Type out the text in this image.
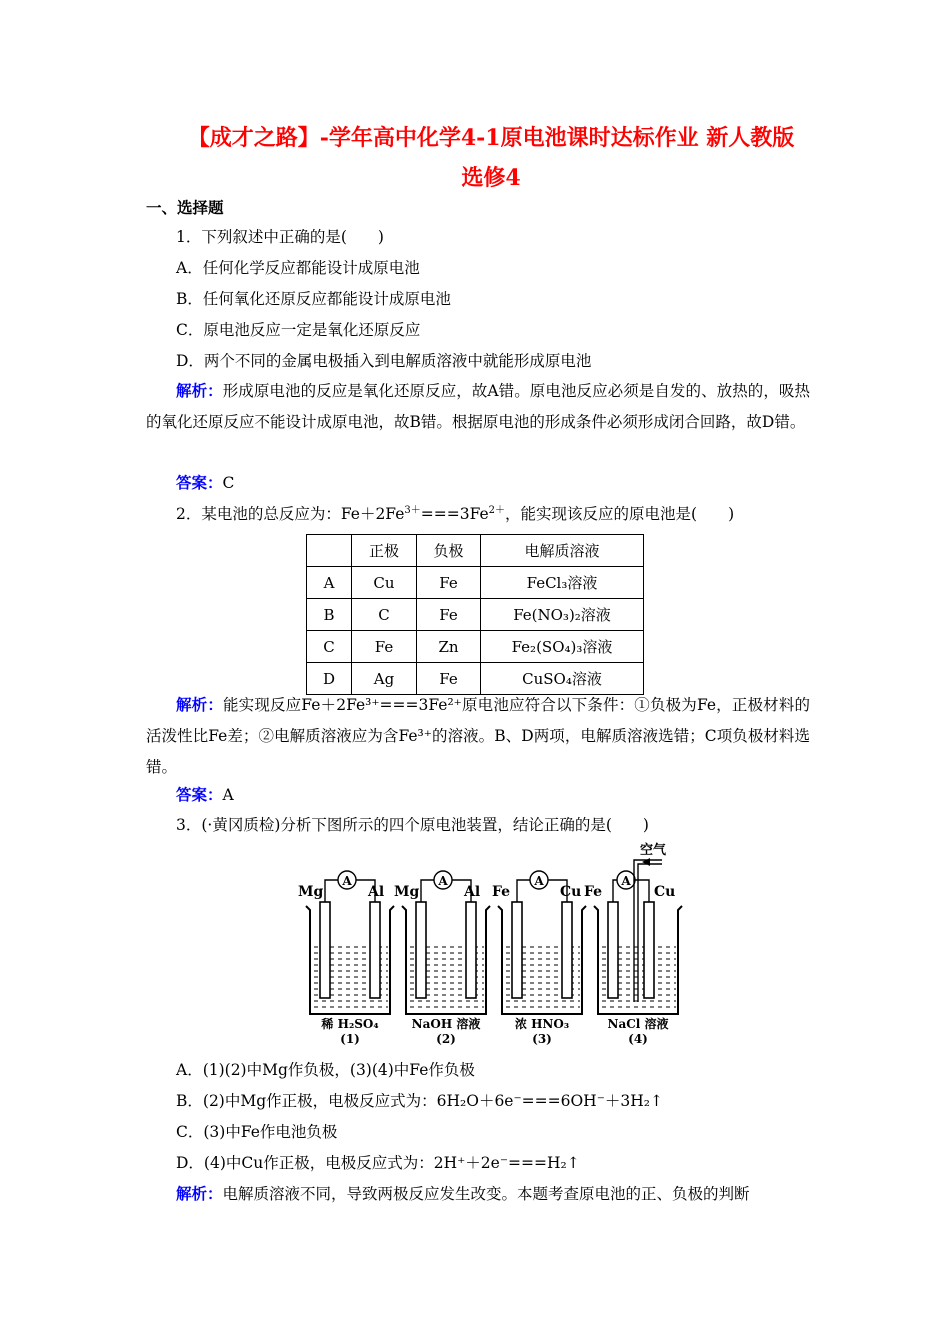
【成才之路】-学年高中化学4-1原电池课时达标作业 新人教版
选修4
一、选择题
1．下列叙述中正确的是(　　)
A．任何化学反应都能设计成原电池
B．任何氧化还原反应都能设计成原电池
C．原电池反应一定是氧化还原反应
D．两个不同的金属电极插入到电解质溶液中就能形成原电池
解析：形成原电池的反应是氧化还原反应，故A错。原电池反应必须是自发的、放热的，吸热的氧化还原反应不能设计成原电池，故B错。根据原电池的形成条件必须形成闭合回路，故D错。
答案：C
2．某电池的总反应为：$Fe+2Fe^{3+}===3Fe^{2+}$，能实现该反应的原电池是(　　)
	正极	负极	电解质溶液
A	Cu	Fe	FeCl₃溶液
B	C	Fe	Fe(NO₃)₂溶液
C	Fe	Zn	Fe₂(SO₄)₃溶液
D	Ag	Fe	CuSO₄溶液
解析：能实现反应Fe＋2Fe³⁺===3Fe²⁺原电池应符合以下条件：①负极为Fe，正极材料的活泼性比Fe差；②电解质溶液应为含Fe³⁺的溶液。B、D两项，电解质溶液选错；C项负极材料选错。
答案：A
3．(·黄冈质检)分析下图所示的四个原电池装置，结论正确的是(　　)
A
Mg	Al
稀 H₂SO₄
(1)
A
Mg	Al
NaOH 溶液
(2)
A
Fe	Cu
浓 HNO₃
(3)
A
空气
Fe	Cu
NaCl 溶液
(4)
A．(1)(2)中Mg作负极，(3)(4)中Fe作负极
B．(2)中Mg作正极，电极反应式为：6H₂O＋6e⁻===6OH⁻＋3H₂↑
C．(3)中Fe作电池负极
D．(4)中Cu作正极，电极反应式为：2H⁺＋2e⁻===H₂↑
解析：电解质溶液不同，导致两极反应发生改变。本题考查原电池的正、负极的判断
